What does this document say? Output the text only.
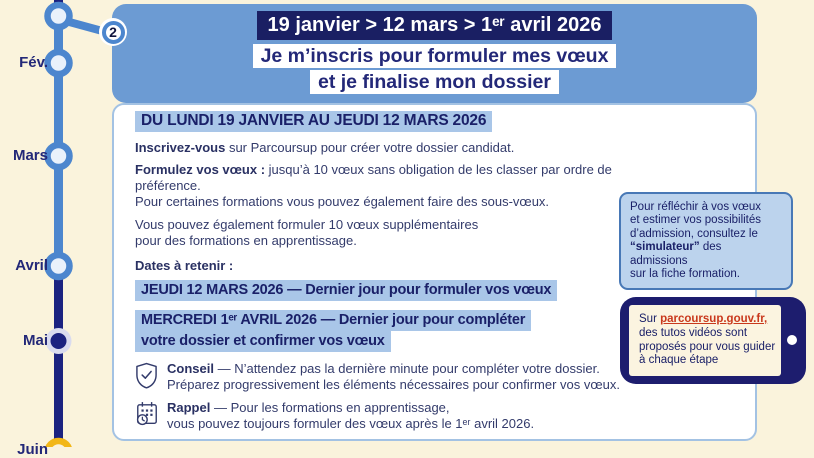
Fév.
Mars
Avril
Mai
Juin
2	19 janvier > 12 mars > 1ᵉʳ avril 2026
Je m’inscris pour formuler mes vœux
et je finalise mon dossier
DU LUNDI 19 JANVIER AU JEUDI 12 MARS 2026

Inscrivez-vous sur Parcoursup pour créer votre dossier candidat.

Formulez vos vœux : jusqu’à 10 vœux sans obligation de les classer par ordre de préférence.
Pour certaines formations vous pouvez également faire des sous-vœux.

Vous pouvez également formuler 10 vœux supplémentaires
pour des formations en apprentissage.

Dates à retenir :
JEUDI 12 MARS 2026 — Dernier jour pour formuler vos vœux
MERCREDI 1ᵉʳ AVRIL 2026 — Dernier jour pour compléter
votre dossier et confirmer vos vœux
Conseil — N’attendez pas la dernière minute pour compléter votre dossier.
Préparez progressivement les éléments nécessaires pour confirmer vos vœux.
Rappel — Pour les formations en apprentissage,
vous pouvez toujours formuler des vœux après le 1ᵉʳ avril 2026.
Pour réfléchir à vos vœux
et estimer vos possibilités
d’admission, consultez le
“simulateur” des admissions
sur la fiche formation.
Sur parcoursup.gouv.fr,
des tutos vidéos sont
proposés pour vous guider
à chaque étape
